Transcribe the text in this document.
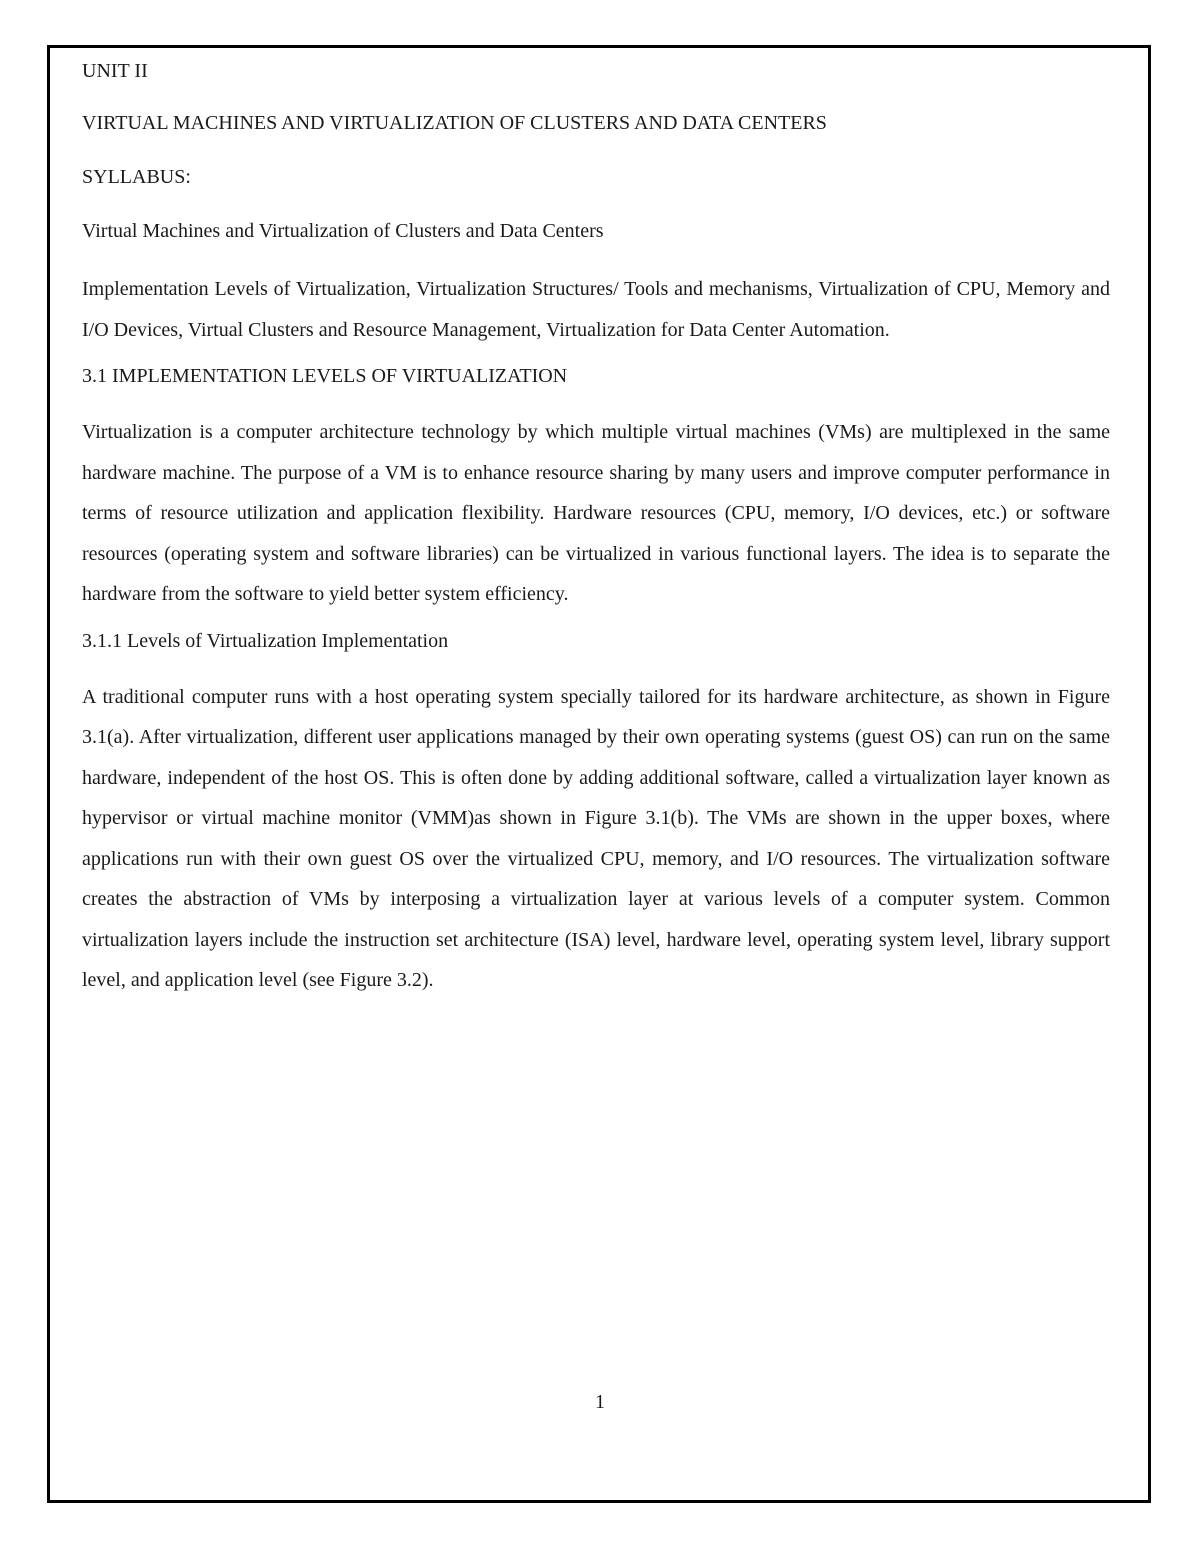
UNIT II

VIRTUAL MACHINES AND VIRTUALIZATION OF CLUSTERS AND DATA CENTERS

SYLLABUS:

Virtual Machines and Virtualization of Clusters and Data Centers

Implementation Levels of Virtualization, Virtualization Structures/ Tools and mechanisms, Virtualization of CPU, Memory and I/O Devices, Virtual Clusters and Resource Management, Virtualization for Data Center Automation.

3.1 IMPLEMENTATION LEVELS OF VIRTUALIZATION

Virtualization is a computer architecture technology by which multiple virtual machines (VMs) are multiplexed in the same hardware machine. The purpose of a VM is to enhance resource sharing by many users and improve computer performance in terms of resource utilization and application flexibility. Hardware resources (CPU, memory, I/O devices, etc.) or software resources (operating system and software libraries) can be virtualized in various functional layers. The idea is to separate the hardware from the software to yield better system efficiency.

3.1.1 Levels of Virtualization Implementation

A traditional computer runs with a host operating system specially tailored for its hardware architecture, as shown in Figure 3.1(a). After virtualization, different user applications managed by their own operating systems (guest OS) can run on the same hardware, independent of the host OS. This is often done by adding additional software, called a virtualization layer known as hypervisor or virtual machine monitor (VMM)as shown in Figure 3.1(b). The VMs are shown in the upper boxes, where applications run with their own guest OS over the virtualized CPU, memory, and I/O resources. The virtualization software creates the abstraction of VMs by interposing a virtualization layer at various levels of a computer system. Common virtualization layers include the instruction set architecture (ISA) level, hardware level, operating system level, library support level, and application level (see Figure 3.2).

1
